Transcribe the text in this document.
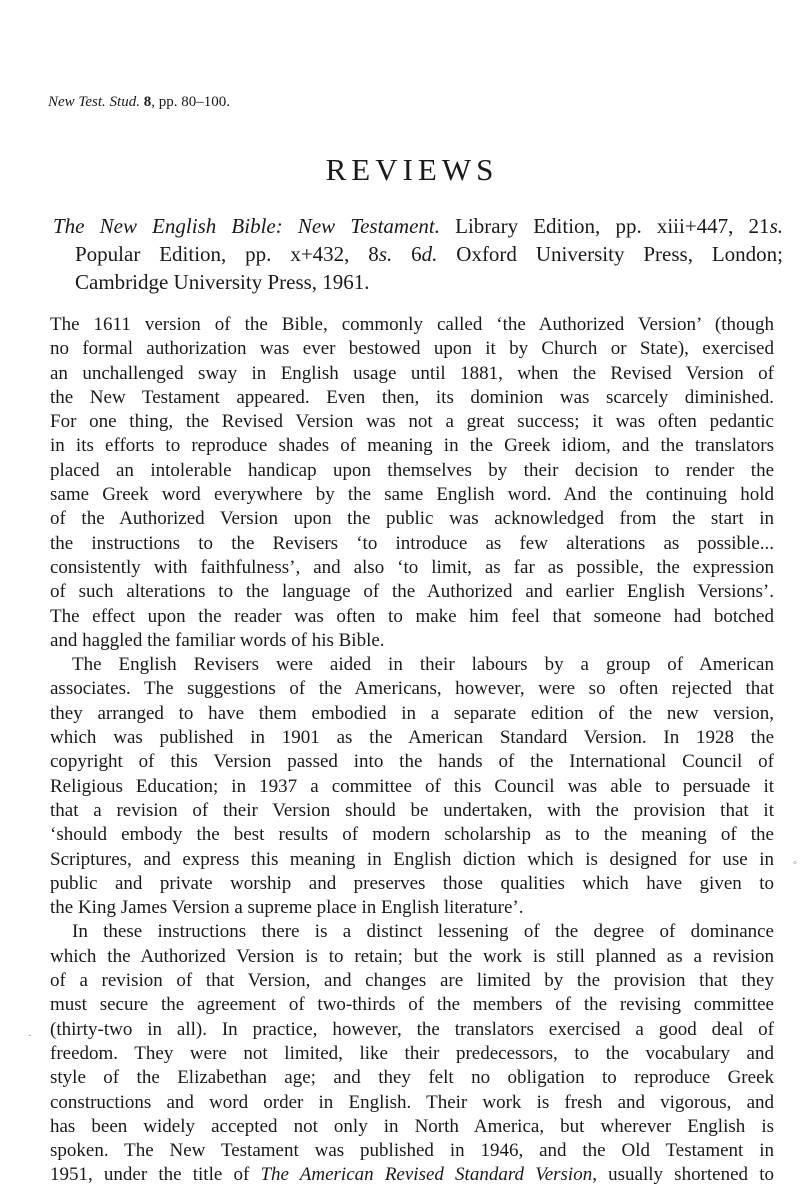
New Test. Stud. 8, pp. 80–100.
REVIEWS
The New English Bible: New Testament. Library Edition, pp. xiii+447, 21s.
Popular Edition, pp. x+432, 8s. 6d. Oxford University Press, London;
Cambridge University Press, 1961.
The 1611 version of the Bible, commonly called ‘the Authorized Version’ (though
no formal authorization was ever bestowed upon it by Church or State), exercised
an unchallenged sway in English usage until 1881, when the Revised Version of
the New Testament appeared. Even then, its dominion was scarcely diminished.
For one thing, the Revised Version was not a great success; it was often pedantic
in its efforts to reproduce shades of meaning in the Greek idiom, and the translators
placed an intolerable handicap upon themselves by their decision to render the
same Greek word everywhere by the same English word. And the continuing hold
of the Authorized Version upon the public was acknowledged from the start in
the instructions to the Revisers ‘to introduce as few alterations as possible...
consistently with faithfulness’, and also ‘to limit, as far as possible, the expression
of such alterations to the language of the Authorized and earlier English Versions’.
The effect upon the reader was often to make him feel that someone had botched
and haggled the familiar words of his Bible.
The English Revisers were aided in their labours by a group of American
associates. The suggestions of the Americans, however, were so often rejected that
they arranged to have them embodied in a separate edition of the new version,
which was published in 1901 as the American Standard Version. In 1928 the
copyright of this Version passed into the hands of the International Council of
Religious Education; in 1937 a committee of this Council was able to persuade it
that a revision of their Version should be undertaken, with the provision that it
‘should embody the best results of modern scholarship as to the meaning of the
Scriptures, and express this meaning in English diction which is designed for use in
public and private worship and preserves those qualities which have given to
the King James Version a supreme place in English literature’.
In these instructions there is a distinct lessening of the degree of dominance
which the Authorized Version is to retain; but the work is still planned as a revision
of a revision of that Version, and changes are limited by the provision that they
must secure the agreement of two-thirds of the members of the revising committee
(thirty-two in all). In practice, however, the translators exercised a good deal of
freedom. They were not limited, like their predecessors, to the vocabulary and
style of the Elizabethan age; and they felt no obligation to reproduce Greek
constructions and word order in English. Their work is fresh and vigorous, and
has been widely accepted not only in North America, but wherever English is
spoken. The New Testament was published in 1946, and the Old Testament in
1951, under the title of The American Revised Standard Version, usually shortened to
◦
·
